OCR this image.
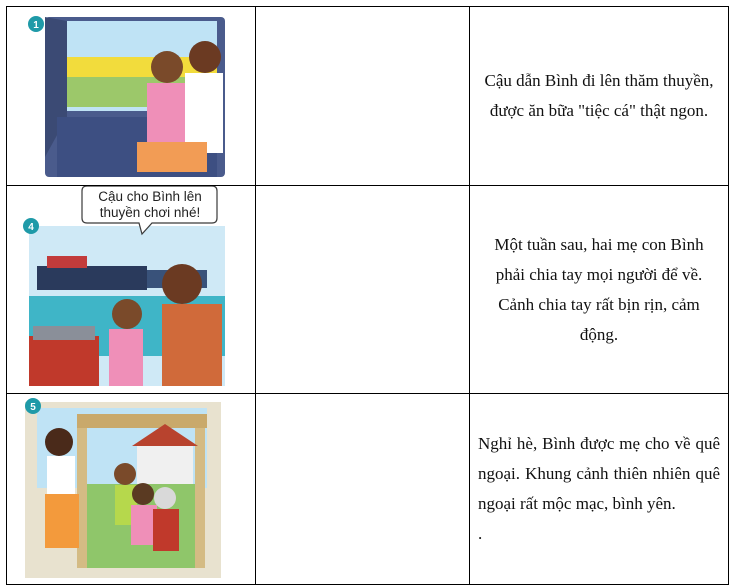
1		Cậu dẫn Bình đi lên thăm thuyền, được ăn bữa "tiệc cá" thật ngon.

Cậu cho Bình lên
thuyền chơi nhé!
4		Một tuần sau, hai mẹ con Bình phải chia tay mọi người để về. Cảnh chia tay rất bịn rịn, cảm động.

5		Nghỉ hè, Bình được mẹ cho về quê ngoại. Khung cảnh thiên nhiên quê ngoại rất mộc mạc, bình yên.
.
